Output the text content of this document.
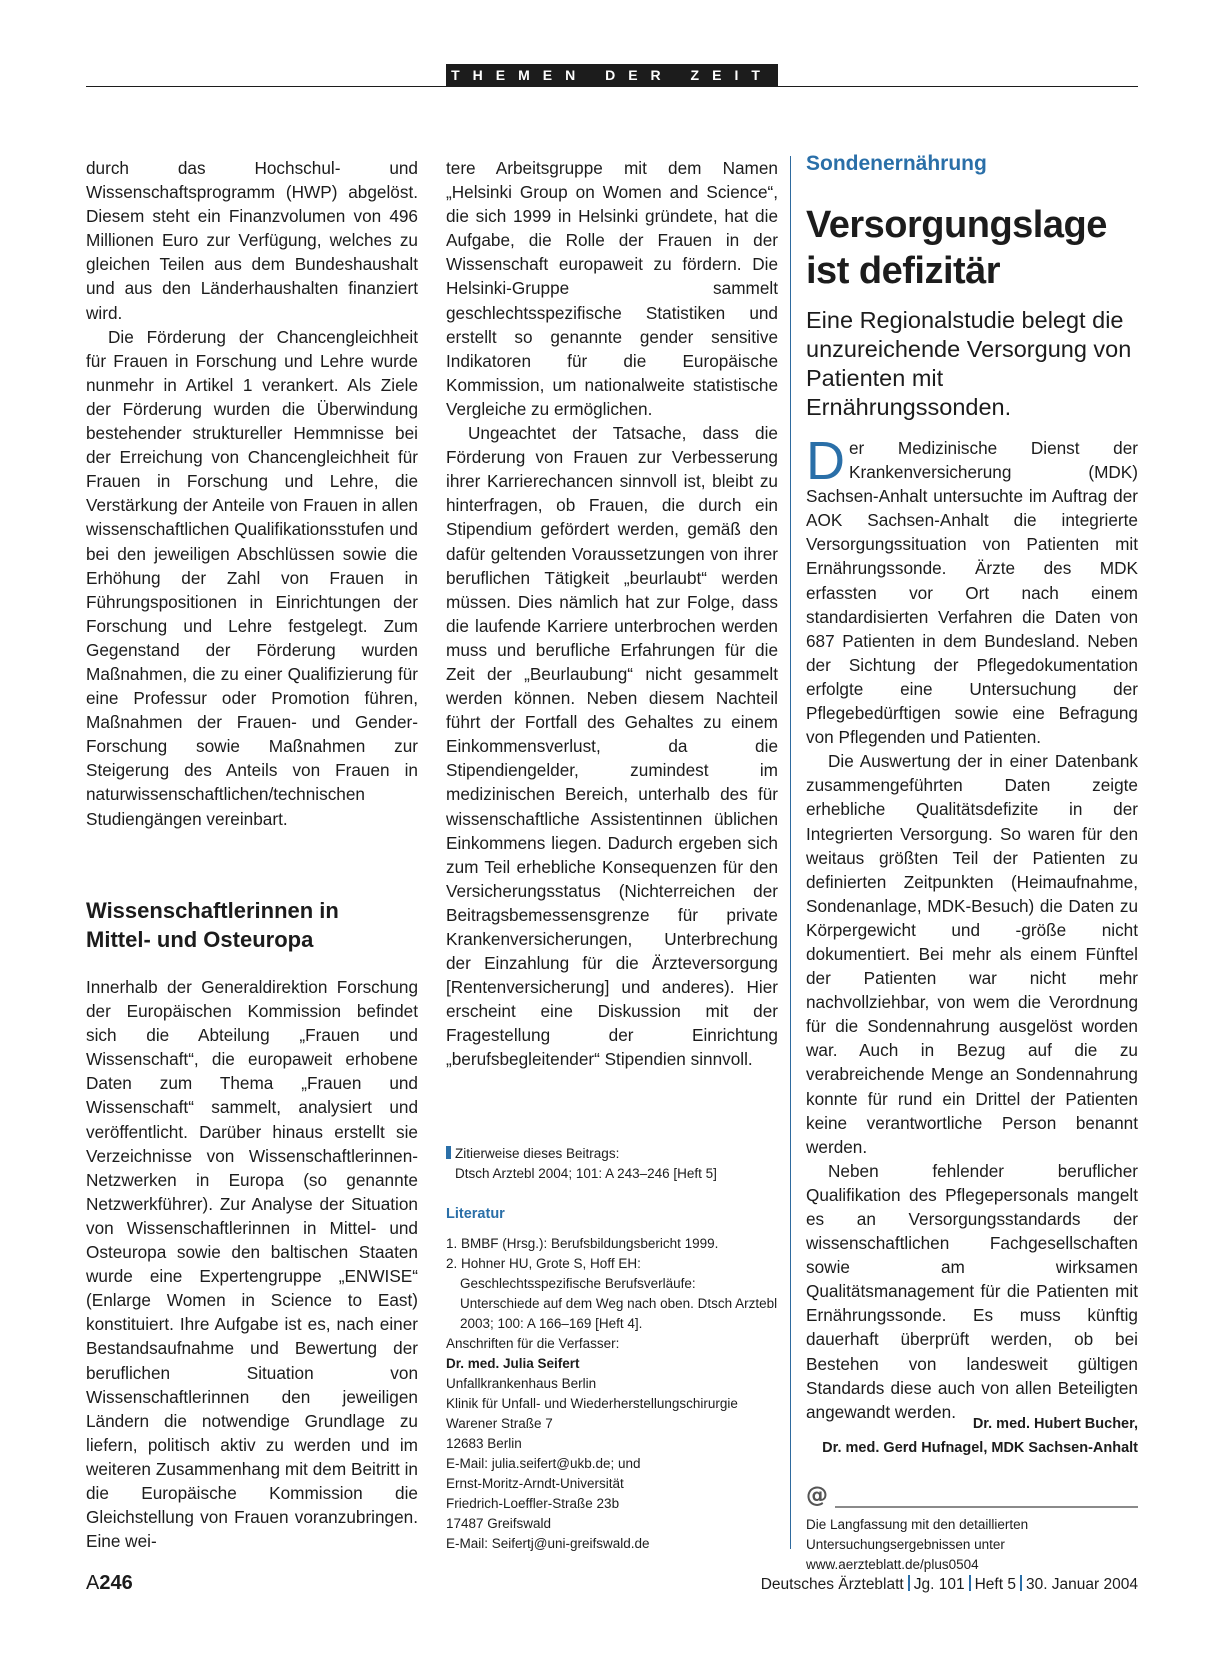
THEMEN DER ZEIT

durch das Hochschul- und Wissenschaftsprogramm (HWP) abgelöst. Diesem steht ein Finanzvolumen von 496 Millionen Euro zur Verfügung, welches zu gleichen Teilen aus dem Bundeshaushalt und aus den Länderhaushalten finanziert wird.

Die Förderung der Chancengleichheit für Frauen in Forschung und Lehre wurde nunmehr in Artikel 1 verankert. Als Ziele der Förderung wurden die Überwindung bestehender struktureller Hemmnisse bei der Erreichung von Chancengleichheit für Frauen in Forschung und Lehre, die Verstärkung der Anteile von Frauen in allen wissenschaftlichen Qualifikationsstufen und bei den jeweiligen Abschlüssen sowie die Erhöhung der Zahl von Frauen in Führungspositionen in Einrichtungen der Forschung und Lehre festgelegt. Zum Gegenstand der Förderung wurden Maßnahmen, die zu einer Qualifizierung für eine Professur oder Promotion führen, Maßnahmen der Frauen- und Gender-Forschung sowie Maßnahmen zur Steigerung des Anteils von Frauen in naturwissenschaftlichen/technischen Studiengängen vereinbart.

Wissenschaftlerinnen in
Mittel- und Osteuropa

Innerhalb der Generaldirektion Forschung der Europäischen Kommission befindet sich die Abteilung „Frauen und Wissenschaft“, die europaweit erhobene Daten zum Thema „Frauen und Wissenschaft“ sammelt, analysiert und veröffentlicht. Darüber hinaus erstellt sie Verzeichnisse von Wissenschaftlerinnen-Netzwerken in Europa (so genannte Netzwerkführer). Zur Analyse der Situation von Wissenschaftlerinnen in Mittel- und Osteuropa sowie den baltischen Staaten wurde eine Expertengruppe „ENWISE“ (Enlarge Women in Science to East) konstituiert. Ihre Aufgabe ist es, nach einer Bestandsaufnahme und Bewertung der beruflichen Situation von Wissenschaftlerinnen den jeweiligen Ländern die notwendige Grundlage zu liefern, politisch aktiv zu werden und im weiteren Zusammenhang mit dem Beitritt in die Europäische Kommission die Gleichstellung von Frauen voranzubringen. Eine wei-

tere Arbeitsgruppe mit dem Namen „Helsinki Group on Women and Science“, die sich 1999 in Helsinki gründete, hat die Aufgabe, die Rolle der Frauen in der Wissenschaft europaweit zu fördern. Die Helsinki-Gruppe sammelt geschlechtsspezifische Statistiken und erstellt so genannte gender sensitive Indikatoren für die Europäische Kommission, um nationalweite statistische Vergleiche zu ermöglichen.

Ungeachtet der Tatsache, dass die Förderung von Frauen zur Verbesserung ihrer Karrierechancen sinnvoll ist, bleibt zu hinterfragen, ob Frauen, die durch ein Stipendium gefördert werden, gemäß den dafür geltenden Voraussetzungen von ihrer beruflichen Tätigkeit „beurlaubt“ werden müssen. Dies nämlich hat zur Folge, dass die laufende Karriere unterbrochen werden muss und berufliche Erfahrungen für die Zeit der „Beurlaubung“ nicht gesammelt werden können. Neben diesem Nachteil führt der Fortfall des Gehaltes zu einem Einkommensverlust, da die Stipendiengelder, zumindest im medizinischen Bereich, unterhalb des für wissenschaftliche Assistentinnen üblichen Einkommens liegen. Dadurch ergeben sich zum Teil erhebliche Konsequenzen für den Versicherungsstatus (Nichterreichen der Beitragsbemessensgrenze für private Krankenversicherungen, Unterbrechung der Einzahlung für die Ärzteversorgung [Rentenversicherung] und anderes). Hier erscheint eine Diskussion mit der Fragestellung der Einrichtung „berufsbegleitender“ Stipendien sinnvoll.

Zitierweise dieses Beitrags:
Dtsch Arztebl 2004; 101: A 243–246 [Heft 5]
Literatur
1. BMBF (Hrsg.): Berufsbildungsbericht 1999.
2. Hohner HU, Grote S, Hoff EH: Geschlechtsspezifische Berufsverläufe: Unterschiede auf dem Weg nach oben. Dtsch Arztebl 2003; 100: A 166–169 [Heft 4].
Anschriften für die Verfasser:
Dr. med. Julia Seifert
Unfallkrankenhaus Berlin
Klinik für Unfall- und Wiederherstellungschirurgie
Warener Straße 7
12683 Berlin
E-Mail: julia.seifert@ukb.de; und
Ernst-Moritz-Arndt-Universität
Friedrich-Loeffler-Straße 23b
17487 Greifswald
E-Mail: Seifertj@uni-greifswald.de
Sondenernährung
Versorgungslage
ist defizitär
Eine Regionalstudie belegt die unzureichende Versorgung von Patienten mit Ernährungssonden.

Der Medizinische Dienst der Krankenversicherung (MDK) Sachsen-Anhalt untersuchte im Auftrag der AOK Sachsen-Anhalt die integrierte Versorgungssituation von Patienten mit Ernährungssonde. Ärzte des MDK erfassten vor Ort nach einem standardisierten Verfahren die Daten von 687 Patienten in dem Bundesland. Neben der Sichtung der Pflegedokumentation erfolgte eine Untersuchung der Pflegebedürftigen sowie eine Befragung von Pflegenden und Patienten.

Die Auswertung der in einer Datenbank zusammengeführten Daten zeigte erhebliche Qualitätsdefizite in der Integrierten Versorgung. So waren für den weitaus größten Teil der Patienten zu definierten Zeitpunkten (Heimaufnahme, Sondenanlage, MDK-Besuch) die Daten zu Körpergewicht und -größe nicht dokumentiert. Bei mehr als einem Fünftel der Patienten war nicht mehr nachvollziehbar, von wem die Verordnung für die Sondennahrung ausgelöst worden war. Auch in Bezug auf die zu verabreichende Menge an Sondennahrung konnte für rund ein Drittel der Patienten keine verantwortliche Person benannt werden.

Neben fehlender beruflicher Qualifikation des Pflegepersonals mangelt es an Versorgungsstandards der wissenschaftlichen Fachgesellschaften sowie am wirksamen Qualitätsmanagement für die Patienten mit Ernährungssonde. Es muss künftig dauerhaft überprüft werden, ob bei Bestehen von landesweit gültigen Standards diese auch von allen Beteiligten angewandt werden.

Dr. med. Hubert Bucher,
Dr. med. Gerd Hufnagel, MDK Sachsen-Anhalt
@
Die Langfassung mit den detaillierten Untersuchungsergebnissen unter www.aerzteblatt.de/plus0504
A246	Deutsches Ärzteblatt Jg. 101 Heft 5 30. Januar 2004
